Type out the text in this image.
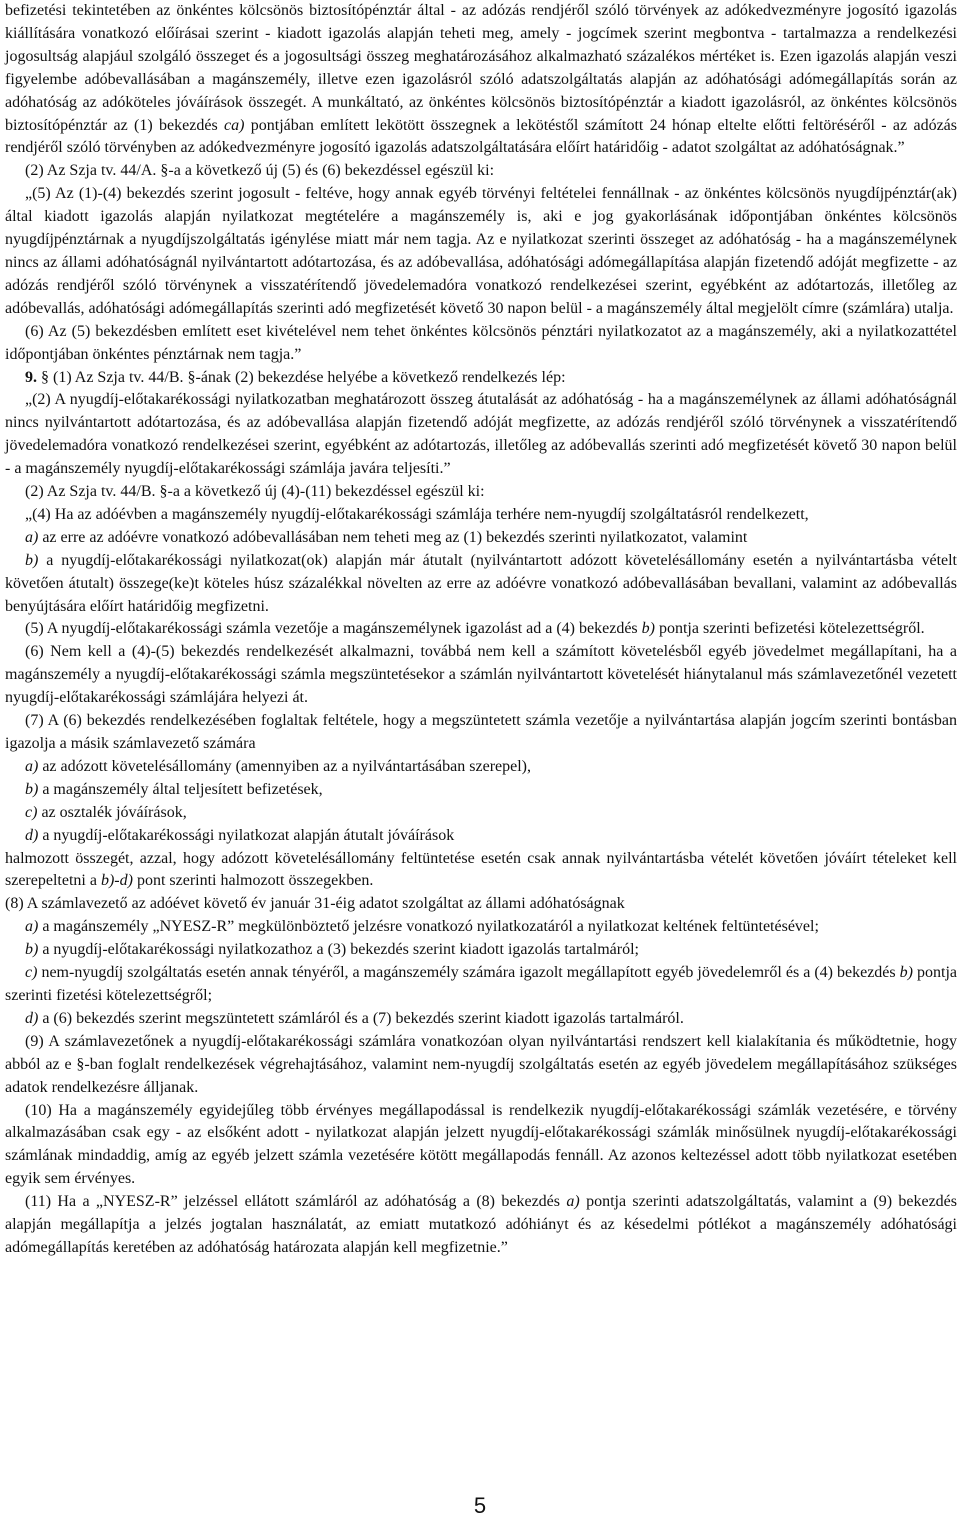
befizetési tekintetében az önkéntes kölcsönös biztosítópénztár által - az adózás rendjéről szóló törvények az adókedvezményre jogosító igazolás kiállítására vonatkozó előírásai szerint - kiadott igazolás alapján teheti meg, amely - jogcímek szerint megbontva - tartalmazza a rendelkezési jogosultság alapjául szolgáló összeget és a jogosultsági összeg meghatározásához alkalmazható százalékos mértéket is. Ezen igazolás alapján veszi figyelembe adóbevallásában a magánszemély, illetve ezen igazolásról szóló adatszolgáltatás alapján az adóhatósági adómegállapítás során az adóhatóság az adóköteles jóváírások összegét. A munkáltató, az önkéntes kölcsönös biztosítópénztár a kiadott igazolásról, az önkéntes kölcsönös biztosítópénztár az (1) bekezdés ca) pontjában említett lekötött összegnek a lekötéstől számított 24 hónap eltelte előtti feltöréséről - az adózás rendjéről szóló törvényben az adókedvezményre jogosító igazolás adatszolgáltatására előírt határidőig - adatot szolgáltat az adóhatóságnak.”

(2) Az Szja tv. 44/A. §-a a következő új (5) és (6) bekezdéssel egészül ki:

„(5) Az (1)-(4) bekezdés szerint jogosult - feltéve, hogy annak egyéb törvényi feltételei fennállnak - az önkéntes kölcsönös nyugdíjpénztár(ak) által kiadott igazolás alapján nyilatkozat megtételére a magánszemély is, aki e jog gyakorlásának időpontjában önkéntes kölcsönös nyugdíjpénztárnak a nyugdíjszolgáltatás igénylése miatt már nem tagja. Az e nyilatkozat szerinti összeget az adóhatóság - ha a magánszemélynek nincs az állami adóhatóságnál nyilvántartott adótartozása, és az adóbevallása, adóhatósági adómegállapítása alapján fizetendő adóját megfizette - az adózás rendjéről szóló törvénynek a visszatérítendő jövedelemadóra vonatkozó rendelkezései szerint, egyébként az adótartozás, illetőleg az adóbevallás, adóhatósági adómegállapítás szerinti adó megfizetését követő 30 napon belül - a magánszemély által megjelölt címre (számlára) utalja.

(6) Az (5) bekezdésben említett eset kivételével nem tehet önkéntes kölcsönös pénztári nyilatkozatot az a magánszemély, aki a nyilatkozattétel időpontjában önkéntes pénztárnak nem tagja.”

9. § (1) Az Szja tv. 44/B. §-ának (2) bekezdése helyébe a következő rendelkezés lép:

„(2) A nyugdíj-előtakarékossági nyilatkozatban meghatározott összeg átutalását az adóhatóság - ha a magánszemélynek az állami adóhatóságnál nincs nyilvántartott adótartozása, és az adóbevallása alapján fizetendő adóját megfizette, az adózás rendjéről szóló törvénynek a visszatérítendő jövedelemadóra vonatkozó rendelkezései szerint, egyébként az adótartozás, illetőleg az adóbevallás szerinti adó megfizetését követő 30 napon belül - a magánszemély nyugdíj-előtakarékossági számlája javára teljesíti.”

(2) Az Szja tv. 44/B. §-a a következő új (4)-(11) bekezdéssel egészül ki:

„(4) Ha az adóévben a magánszemély nyugdíj-előtakarékossági számlája terhére nem-nyugdíj szolgáltatásról rendelkezett,

a) az erre az adóévre vonatkozó adóbevallásában nem teheti meg az (1) bekezdés szerinti nyilatkozatot, valamint

b) a nyugdíj-előtakarékossági nyilatkozat(ok) alapján már átutalt (nyilvántartott adózott követelésállomány esetén a nyilvántartásba vételt követően átutalt) összege(ke)t köteles húsz százalékkal növelten az erre az adóévre vonatkozó adóbevallásában bevallani, valamint az adóbevallás benyújtására előírt határidőig megfizetni.

(5) A nyugdíj-előtakarékossági számla vezetője a magánszemélynek igazolást ad a (4) bekezdés b) pontja szerinti befizetési kötelezettségről.

(6) Nem kell a (4)-(5) bekezdés rendelkezését alkalmazni, továbbá nem kell a számított követelésből egyéb jövedelmet megállapítani, ha a magánszemély a nyugdíj-előtakarékossági számla megszüntetésekor a számlán nyilvántartott követelését hiánytalanul más számlavezetőnél vezetett nyugdíj-előtakarékossági számlájára helyezi át.

(7) A (6) bekezdés rendelkezésében foglaltak feltétele, hogy a megszüntetett számla vezetője a nyilvántartása alapján jogcím szerinti bontásban igazolja a másik számlavezető számára

a) az adózott követelésállomány (amennyiben az a nyilvántartásában szerepel),

b) a magánszemély által teljesített befizetések,

c) az osztalék jóváírások,

d) a nyugdíj-előtakarékossági nyilatkozat alapján átutalt jóváírások

halmozott összegét, azzal, hogy adózott követelésállomány feltüntetése esetén csak annak nyilvántartásba vételét követően jóváírt tételeket kell szerepeltetni a b)-d) pont szerinti halmozott összegekben.

(8) A számlavezető az adóévet követő év január 31-éig adatot szolgáltat az állami adóhatóságnak

a) a magánszemély „NYESZ-R” megkülönböztető jelzésre vonatkozó nyilatkozatáról a nyilatkozat keltének feltüntetésével;

b) a nyugdíj-előtakarékossági nyilatkozathoz a (3) bekezdés szerint kiadott igazolás tartalmáról;

c) nem-nyugdíj szolgáltatás esetén annak tényéről, a magánszemély számára igazolt megállapított egyéb jövedelemről és a (4) bekezdés b) pontja szerinti fizetési kötelezettségről;

d) a (6) bekezdés szerint megszüntetett számláról és a (7) bekezdés szerint kiadott igazolás tartalmáról.

(9) A számlavezetőnek a nyugdíj-előtakarékossági számlára vonatkozóan olyan nyilvántartási rendszert kell kialakítania és működtetnie, hogy abból az e §-ban foglalt rendelkezések végrehajtásához, valamint nem-nyugdíj szolgáltatás esetén az egyéb jövedelem megállapításához szükséges adatok rendelkezésre álljanak.

(10) Ha a magánszemély egyidejűleg több érvényes megállapodással is rendelkezik nyugdíj-előtakarékossági számlák vezetésére, e törvény alkalmazásában csak egy - az elsőként adott - nyilatkozat alapján jelzett nyugdíj-előtakarékossági számlák minősülnek nyugdíj-előtakarékossági számlának mindaddig, amíg az egyéb jelzett számla vezetésére kötött megállapodás fennáll. Az azonos keltezéssel adott több nyilatkozat esetében egyik sem érvényes.

(11) Ha a „NYESZ-R” jelzéssel ellátott számláról az adóhatóság a (8) bekezdés a) pontja szerinti adatszolgáltatás, valamint a (9) bekezdés alapján megállapítja a jelzés jogtalan használatát, az emiatt mutatkozó adóhiányt és az késedelmi pótlékot a magánszemély adóhatósági adómegállapítás keretében az adóhatóság határozata alapján kell megfizetnie.”

5
